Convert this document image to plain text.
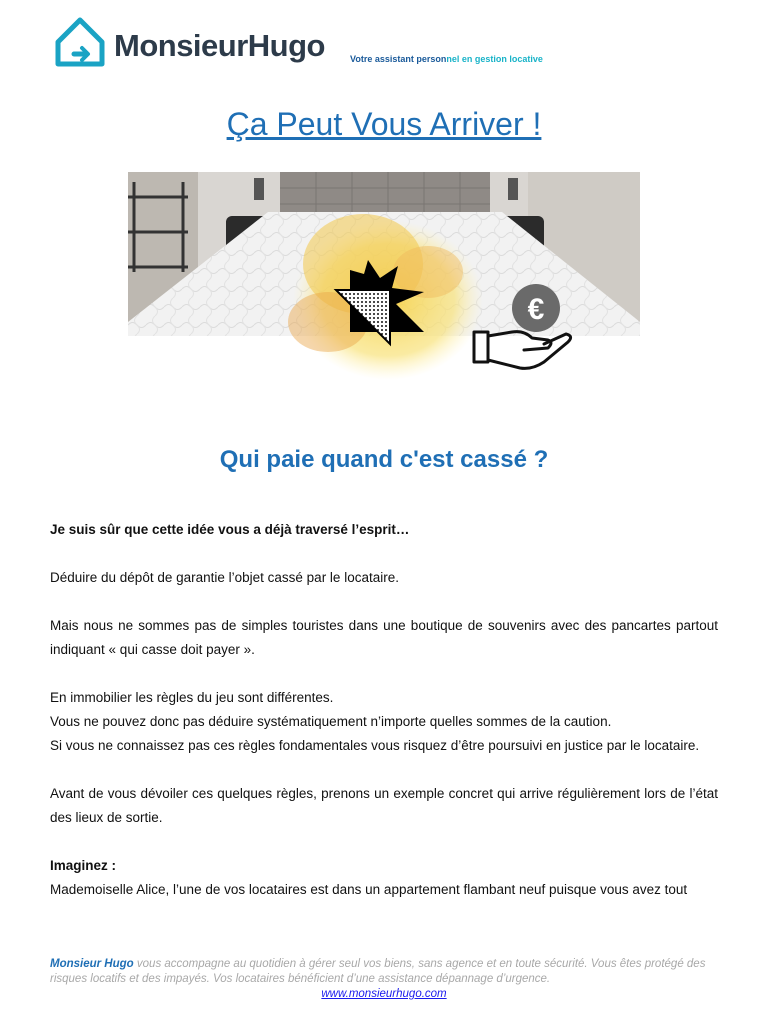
MonsieurHugo	Votre assistant personnel en gestion locative
Ça Peut Vous Arriver !
€
Qui paie quand c'est cassé ?

Je suis sûr que cette idée vous a déjà traversé l’esprit…

Déduire du dépôt de garantie l’objet cassé par le locataire.

Mais nous ne sommes pas de simples touristes dans une boutique de souvenirs avec des pancartes partout indiquant « qui casse doit payer ».

En immobilier les règles du jeu sont différentes.

Vous ne pouvez donc pas déduire systématiquement n’importe quelles sommes de la caution.

Si vous ne connaissez pas ces règles fondamentales vous risquez d’être poursuivi en justice par le locataire.

Avant de vous dévoiler ces quelques règles, prenons un exemple concret qui arrive régulièrement lors de l’état des lieux de sortie.

Imaginez :

Mademoiselle Alice, l’une de vos locataires est dans un appartement flambant neuf puisque vous avez tout

Monsieur Hugo vous accompagne au quotidien à gérer seul vos biens, sans agence et en toute sécurité. Vous êtes protégé des risques locatifs et des impayés. Vos locataires bénéficient d’une assistance dépannage d’urgence.
www.monsieurhugo.com
